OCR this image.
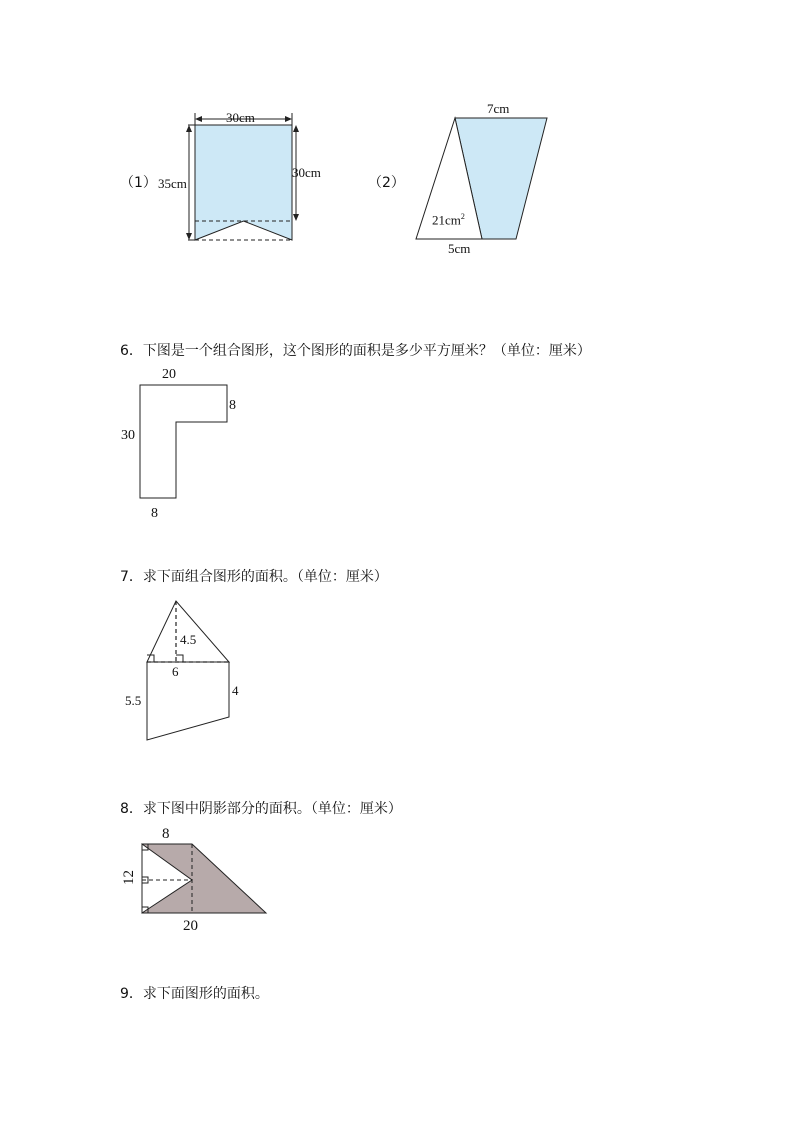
（1）
30cm
35cm
30cm
（2）
7cm
$21cm^2$
5cm
6．下图是一个组合图形，这个图形的面积是多少平方厘米？（单位：厘米）
20
8
30
8
7．求下面组合图形的面积。（单位：厘米）
4.5
6
5.5
4
8．求下图中阴影部分的面积。（单位：厘米）
8
12
20
9．求下面图形的面积。
